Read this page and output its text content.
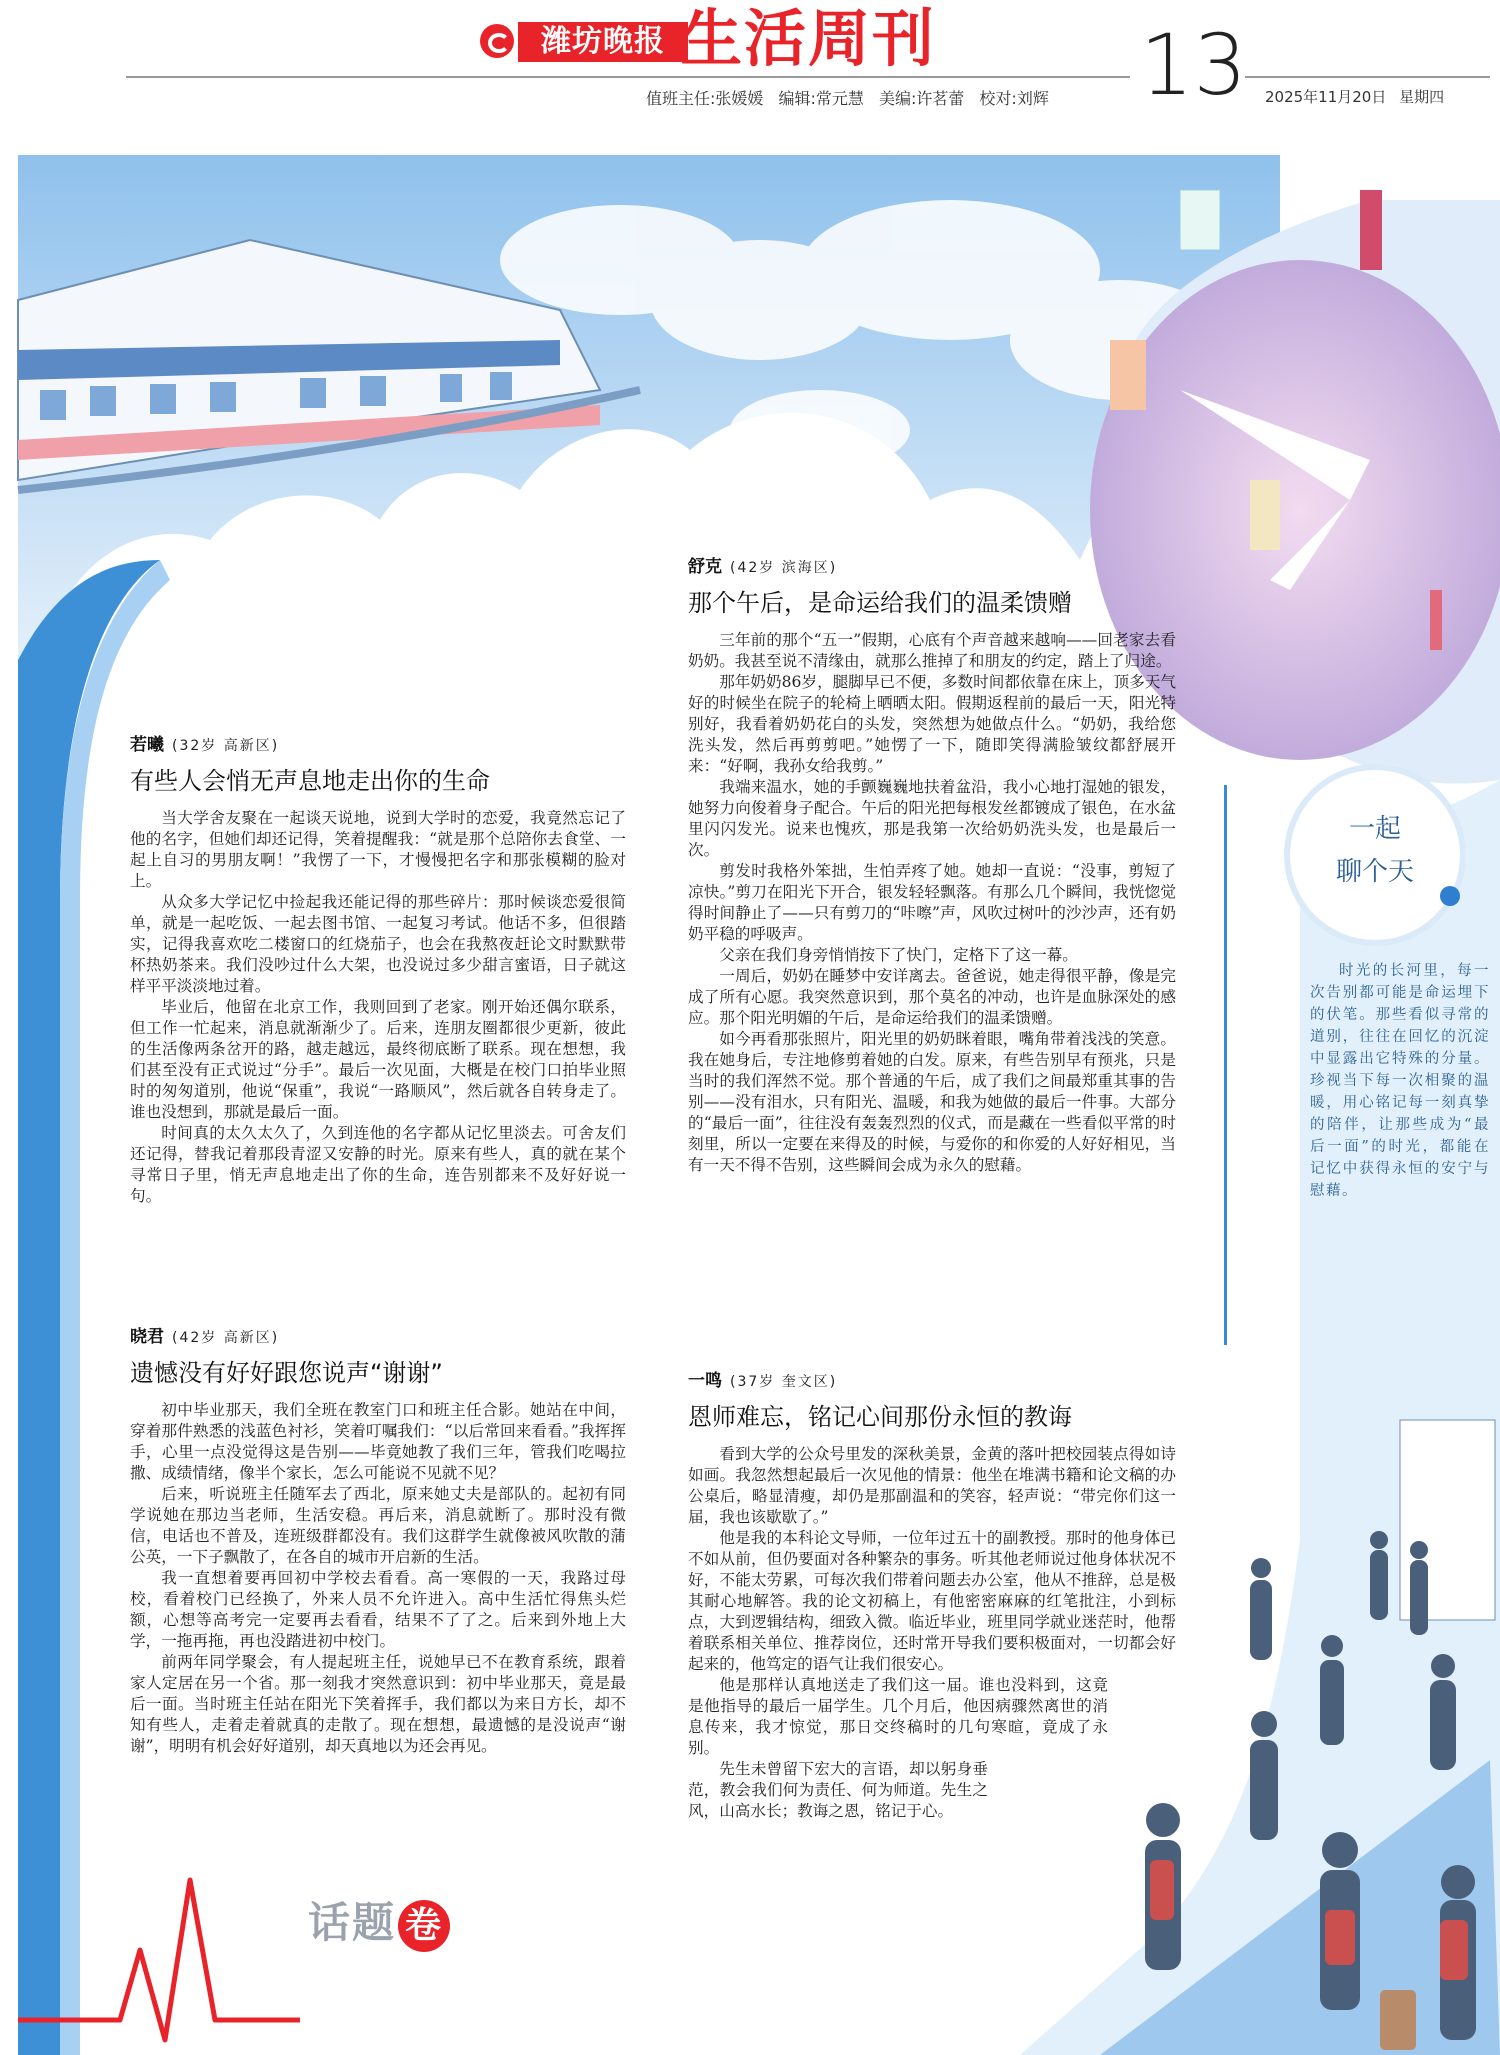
潍坊晚报 生活周刊 13
值班主任:张媛媛 编辑:常元慧 美编:许茗蕾 校对:刘辉	2025年11月20日 星期四
若曦 (32岁 高新区)
有些人会悄无声息地走出你的生命

当大学舍友聚在一起谈天说地，说到大学时的恋爱，我竟然忘记了他的名字，但她们却还记得，笑着提醒我：“就是那个总陪你去食堂、一起上自习的男朋友啊！”我愣了一下，才慢慢把名字和那张模糊的脸对上。

从众多大学记忆中捡起我还能记得的那些碎片：那时候谈恋爱很简单，就是一起吃饭、一起去图书馆、一起复习考试。他话不多，但很踏实，记得我喜欢吃二楼窗口的红烧茄子，也会在我熬夜赶论文时默默带杯热奶茶来。我们没吵过什么大架，也没说过多少甜言蜜语，日子就这样平平淡淡地过着。

毕业后，他留在北京工作，我则回到了老家。刚开始还偶尔联系，但工作一忙起来，消息就渐渐少了。后来，连朋友圈都很少更新，彼此的生活像两条岔开的路，越走越远，最终彻底断了联系。现在想想，我们甚至没有正式说过“分手”。最后一次见面，大概是在校门口拍毕业照时的匆匆道别，他说“保重”，我说“一路顺风”，然后就各自转身走了。谁也没想到，那就是最后一面。

时间真的太久太久了，久到连他的名字都从记忆里淡去。可舍友们还记得，替我记着那段青涩又安静的时光。原来有些人，真的就在某个寻常日子里，悄无声息地走出了你的生命，连告别都来不及好好说一句。

晓君 (42岁 高新区)
遗憾没有好好跟您说声“谢谢”

初中毕业那天，我们全班在教室门口和班主任合影。她站在中间，穿着那件熟悉的浅蓝色衬衫，笑着叮嘱我们：“以后常回来看看。”我挥挥手，心里一点没觉得这是告别——毕竟她教了我们三年，管我们吃喝拉撒、成绩情绪，像半个家长，怎么可能说不见就不见？

后来，听说班主任随军去了西北，原来她丈夫是部队的。起初有同学说她在那边当老师，生活安稳。再后来，消息就断了。那时没有微信，电话也不普及，连班级群都没有。我们这群学生就像被风吹散的蒲公英，一下子飘散了，在各自的城市开启新的生活。

我一直想着要再回初中学校去看看。高一寒假的一天，我路过母校，看着校门已经换了，外来人员不允许进入。高中生活忙得焦头烂额，心想等高考完一定要再去看看，结果不了了之。后来到外地上大学，一拖再拖，再也没踏进初中校门。

前两年同学聚会，有人提起班主任，说她早已不在教育系统，跟着家人定居在另一个省。那一刻我才突然意识到：初中毕业那天，竟是最后一面。当时班主任站在阳光下笑着挥手，我们都以为来日方长，却不知有些人，走着走着就真的走散了。现在想想，最遗憾的是没说声“谢谢”，明明有机会好好道别，却天真地以为还会再见。

舒克 (42岁 滨海区)
那个午后，是命运给我们的温柔馈赠

三年前的那个“五一”假期，心底有个声音越来越响——回老家去看奶奶。我甚至说不清缘由，就那么推掉了和朋友的约定，踏上了归途。

那年奶奶86岁，腿脚早已不便，多数时间都依靠在床上，顶多天气好的时候坐在院子的轮椅上晒晒太阳。假期返程前的最后一天，阳光特别好，我看着奶奶花白的头发，突然想为她做点什么。“奶奶，我给您洗头发，然后再剪剪吧。”她愣了一下，随即笑得满脸皱纹都舒展开来：“好啊，我孙女给我剪。”

我端来温水，她的手颤巍巍地扶着盆沿，我小心地打湿她的银发，她努力向俊着身子配合。午后的阳光把每根发丝都镀成了银色，在水盆里闪闪发光。说来也愧疚，那是我第一次给奶奶洗头发，也是最后一次。

剪发时我格外笨拙，生怕弄疼了她。她却一直说：“没事，剪短了凉快。”剪刀在阳光下开合，银发轻轻飘落。有那么几个瞬间，我恍惚觉得时间静止了——只有剪刀的“咔嚓”声，风吹过树叶的沙沙声，还有奶奶平稳的呼吸声。

父亲在我们身旁悄悄按下了快门，定格下了这一幕。

一周后，奶奶在睡梦中安详离去。爸爸说，她走得很平静，像是完成了所有心愿。我突然意识到，那个莫名的冲动，也许是血脉深处的感应。那个阳光明媚的午后，是命运给我们的温柔馈赠。

如今再看那张照片，阳光里的奶奶眯着眼，嘴角带着浅浅的笑意。我在她身后，专注地修剪着她的白发。原来，有些告别早有预兆，只是当时的我们浑然不觉。那个普通的午后，成了我们之间最郑重其事的告别——没有泪水，只有阳光、温暖，和我为她做的最后一件事。大部分的“最后一面”，往往没有轰轰烈烈的仪式，而是藏在一些看似平常的时刻里，所以一定要在来得及的时候，与爱你的和你爱的人好好相见，当有一天不得不告别，这些瞬间会成为永久的慰藉。

一鸣 (37岁 奎文区)
恩师难忘，铭记心间那份永恒的教诲

看到大学的公众号里发的深秋美景，金黄的落叶把校园装点得如诗如画。我忽然想起最后一次见他的情景：他坐在堆满书籍和论文稿的办公桌后，略显清瘦，却仍是那副温和的笑容，轻声说：“带完你们这一届，我也该歇歇了。”

他是我的本科论文导师，一位年过五十的副教授。那时的他身体已不如从前，但仍要面对各种繁杂的事务。听其他老师说过他身体状况不好，不能太劳累，可每次我们带着问题去办公室，他从不推辞，总是极其耐心地解答。我的论文初稿上，有他密密麻麻的红笔批注，小到标点，大到逻辑结构，细致入微。临近毕业，班里同学就业迷茫时，他帮着联系相关单位、推荐岗位，还时常开导我们要积极面对，一切都会好起来的，他笃定的语气让我们很安心。

他是那样认真地送走了我们这一届。谁也没料到，这竟是他指导的最后一届学生。几个月后，他因病骤然离世的消息传来，我才惊觉，那日交终稿时的几句寒暄，竟成了永别。

先生未曾留下宏大的言语，却以躬身垂范，教会我们何为责任、何为师道。先生之风，山高水长；教诲之恩，铭记于心。

一起
聊个天

时光的长河里，每一次告别都可能是命运埋下的伏笔。那些看似寻常的道别，往往在回忆的沉淀中显露出它特殊的分量。珍视当下每一次相聚的温暖，用心铭记每一刻真挚的陪伴，让那些成为“最后一面”的时光，都能在记忆中获得永恒的安宁与慰藉。

话题 卷
